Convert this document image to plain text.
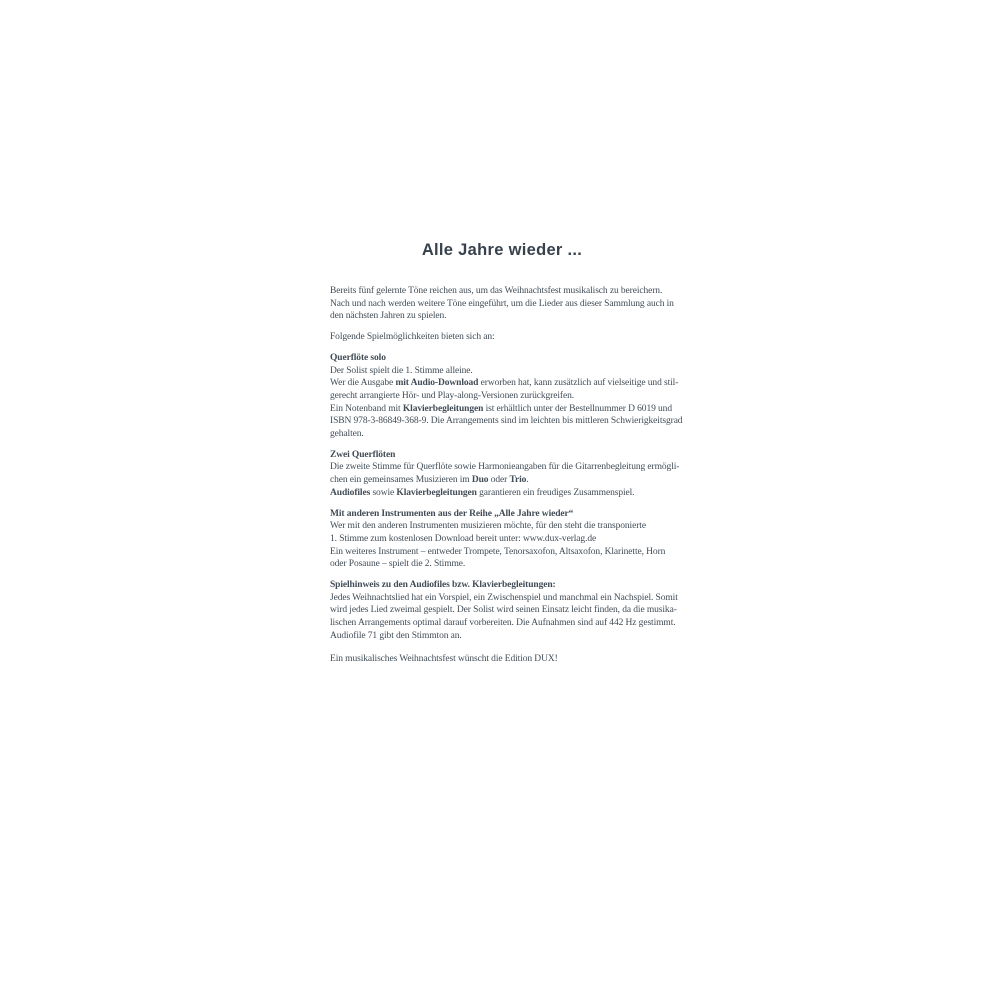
Alle Jahre wieder ...
Bereits fünf gelernte Töne reichen aus, um das Weihnachtsfest musikalisch zu bereichern.
Nach und nach werden weitere Töne eingeführt, um die Lieder aus dieser Sammlung auch in
den nächsten Jahren zu spielen.
Folgende Spielmöglichkeiten bieten sich an:
Querflöte solo
Der Solist spielt die 1. Stimme alleine.
Wer die Ausgabe mit Audio-Download erworben hat, kann zusätzlich auf vielseitige und stil-
gerecht arrangierte Hör- und Play-along-Versionen zurückgreifen.
Ein Notenband mit Klavierbegleitungen ist erhältlich unter der Bestellnummer D 6019 und
ISBN 978-3-86849-368-9. Die Arrangements sind im leichten bis mittleren Schwierigkeitsgrad
gehalten.
Zwei Querflöten
Die zweite Stimme für Querflöte sowie Harmonieangaben für die Gitarrenbegleitung ermögli-
chen ein gemeinsames Musizieren im Duo oder Trio.
Audiofiles sowie Klavierbegleitungen garantieren ein freudiges Zusammenspiel.
Mit anderen Instrumenten aus der Reihe „Alle Jahre wieder“
Wer mit den anderen Instrumenten musizieren möchte, für den steht die transponierte
1. Stimme zum kostenlosen Download bereit unter: www.dux-verlag.de
Ein weiteres Instrument – entweder Trompete, Tenorsaxofon, Altsaxofon, Klarinette, Horn
oder Posaune – spielt die 2. Stimme.
Spielhinweis zu den Audiofiles bzw. Klavierbegleitungen:
Jedes Weihnachtslied hat ein Vorspiel, ein Zwischenspiel und manchmal ein Nachspiel. Somit
wird jedes Lied zweimal gespielt. Der Solist wird seinen Einsatz leicht finden, da die musika-
lischen Arrangements optimal darauf vorbereiten. Die Aufnahmen sind auf 442 Hz gestimmt.
Audiofile 71 gibt den Stimmton an.
Ein musikalisches Weihnachtsfest wünscht die Edition DUX!
